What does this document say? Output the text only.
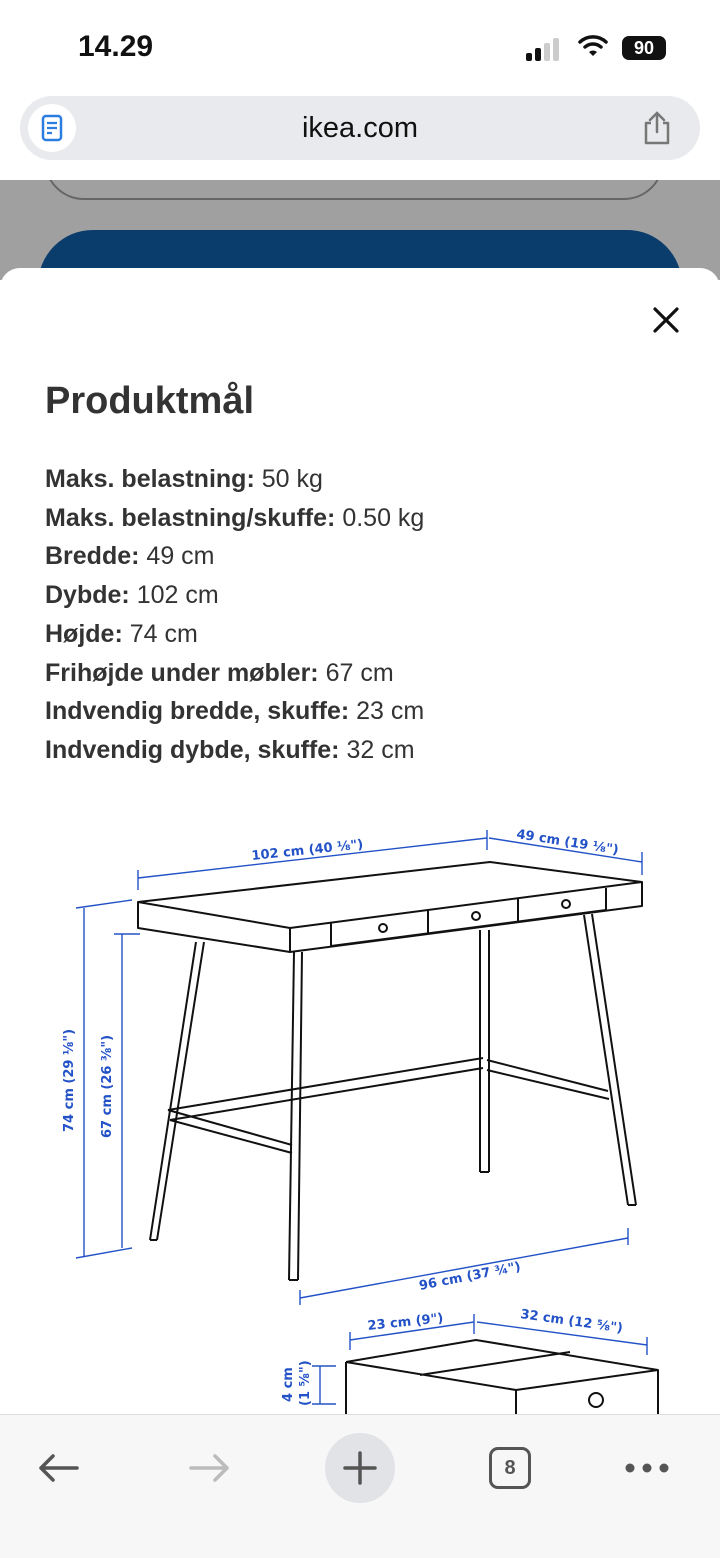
14.29	90
ikea.com
Produktmål
Maks. belastning: 50 kg
Maks. belastning/skuffe: 0.50 kg
Bredde: 49 cm
Dybde: 102 cm
Højde: 74 cm
Frihøjde under møbler: 67 cm
Indvendig bredde, skuffe: 23 cm
Indvendig dybde, skuffe: 32 cm
102 cm (40 ⅛")	49 cm (19 ⅛")
74 cm (29 ⅛") 67 cm (26 ⅜")
96 cm (37 ¾")
23 cm (9")	32 cm (12 ⅝")
4 cm (1 ⅝")
8
